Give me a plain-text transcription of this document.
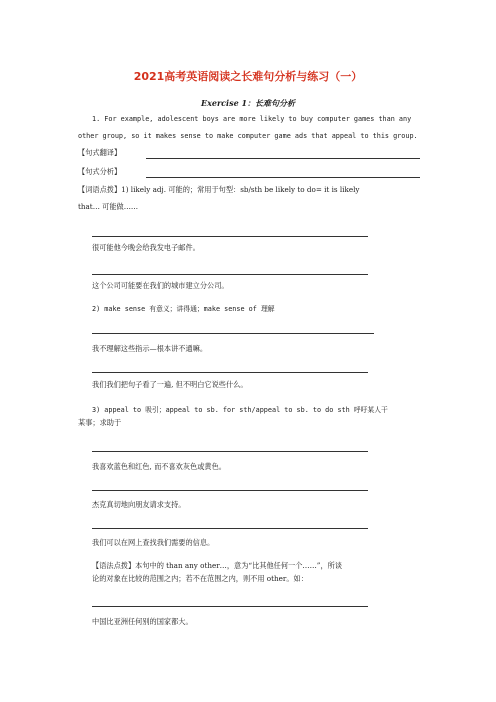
2021高考英语阅读之长难句分析与练习（一）
Exercise 1：长难句分析
1. For example, adolescent boys are more likely to buy computer games than any
other group, so it makes sense to make computer game ads that appeal to this group.
【句式翻译】
【句式分析】
【词语点拨】1) likely adj. 可能的；常用于句型：sb/sth be likely to do= it is likely
that… 可能做……
很可能他今晚会给我发电子邮件。
这个公司可能要在我们的城市建立分公司。
2) make sense 有意义；讲得通；make sense of 理解
我不理解这些指示—根本讲不通嘛。
我们我们把句子看了一遍, 但不明白它说些什么。
3) appeal to 吸引；appeal to sb. for sth/appeal to sb. to do sth 呼吁某人干
某事；求助于
我喜欢蓝色和红色, 而不喜欢灰色或黄色。
杰克真切地向朋友请求支持。
我们可以在网上查找我们需要的信息。
【语法点拨】本句中的 than any other…，意为“比其他任何一个……”，所谈
论的对象在比较的范围之内；若不在范围之内，则不用 other。如：
中国比亚洲任何别的国家都大。
